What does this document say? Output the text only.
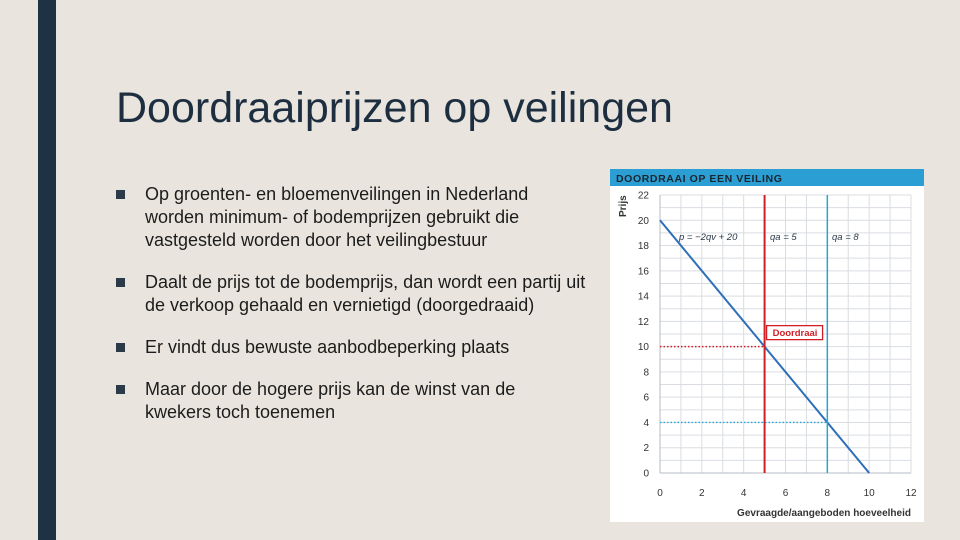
Doordraaiprijzen op veilingen
Op groenten- en bloemenveilingen in Nederland worden minimum- of bodemprijzen gebruikt die vastgesteld worden door het veilingbestuur
Daalt de prijs tot de bodemprijs, dan wordt een partij uit de verkoop gehaald en vernietigd (doorgedraaid)
Er vindt dus bewuste aanbodbeperking plaats
Maar door de hogere prijs kan de winst van de kwekers toch toenemen
DOORDRAAI OP EEN VEILING
Prijs
Gevraagde/aangeboden hoeveelheid
0
2
4
6
8
10
12
14
16
18
20
22
0	2	4	6	8	10	12
p = −2qv + 20	qa = 5	qa = 8
Doordraai
